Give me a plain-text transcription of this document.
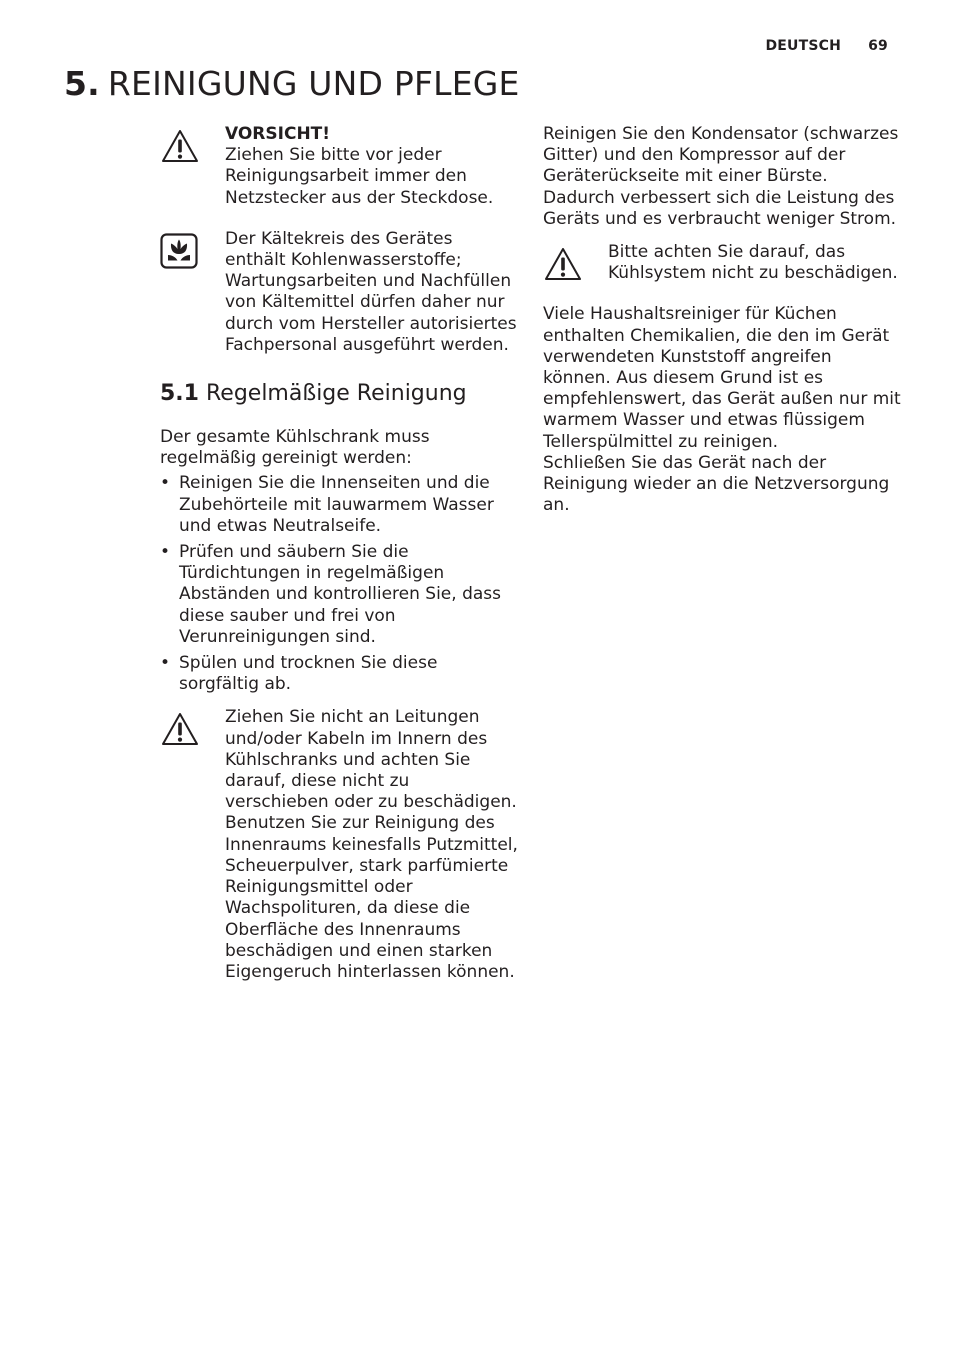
DEUTSCH 69
5. REINIGUNG UND PFLEGE

VORSICHT!

Ziehen Sie bitte vor jeder Reinigungsarbeit immer den Netzstecker aus der Steckdose.

Der Kältekreis des Gerätes enthält Kohlenwasserstoffe; Wartungsarbeiten und Nachfüllen von Kältemittel dürfen daher nur durch vom Hersteller autorisiertes Fachpersonal ausgeführt werden.

5.1 Regelmäßige Reinigung

Der gesamte Kühlschrank muss regelmäßig gereinigt werden:

• Reinigen Sie die Innenseiten und die Zubehörteile mit lauwarmem Wasser und etwas Neutralseife.
• Prüfen und säubern Sie die Türdichtungen in regelmäßigen Abständen und kontrollieren Sie, dass diese sauber und frei von Verunreinigungen sind.
• Spülen und trocknen Sie diese sorgfältig ab.

Ziehen Sie nicht an Leitungen und/oder Kabeln im Innern des Kühlschranks und achten Sie darauf, diese nicht zu verschieben oder zu beschädigen.

Benutzen Sie zur Reinigung des Innenraums keinesfalls Putzmittel, Scheuerpulver, stark parfümierte Reinigungsmittel oder Wachspolituren, da diese die Oberfläche des Innenraums beschädigen und einen starken Eigengeruch hinterlassen können.

Reinigen Sie den Kondensator (schwarzes Gitter) und den Kompressor auf der Geräterückseite mit einer Bürste. Dadurch verbessert sich die Leistung des Geräts und es verbraucht weniger Strom.

Bitte achten Sie darauf, das Kühlsystem nicht zu beschädigen.

Viele Haushaltsreiniger für Küchen enthalten Chemikalien, die den im Gerät verwendeten Kunststoff angreifen können. Aus diesem Grund ist es empfehlenswert, das Gerät außen nur mit warmem Wasser und etwas flüssigem Tellerspülmittel zu reinigen.

Schließen Sie das Gerät nach der Reinigung wieder an die Netzversorgung an.
